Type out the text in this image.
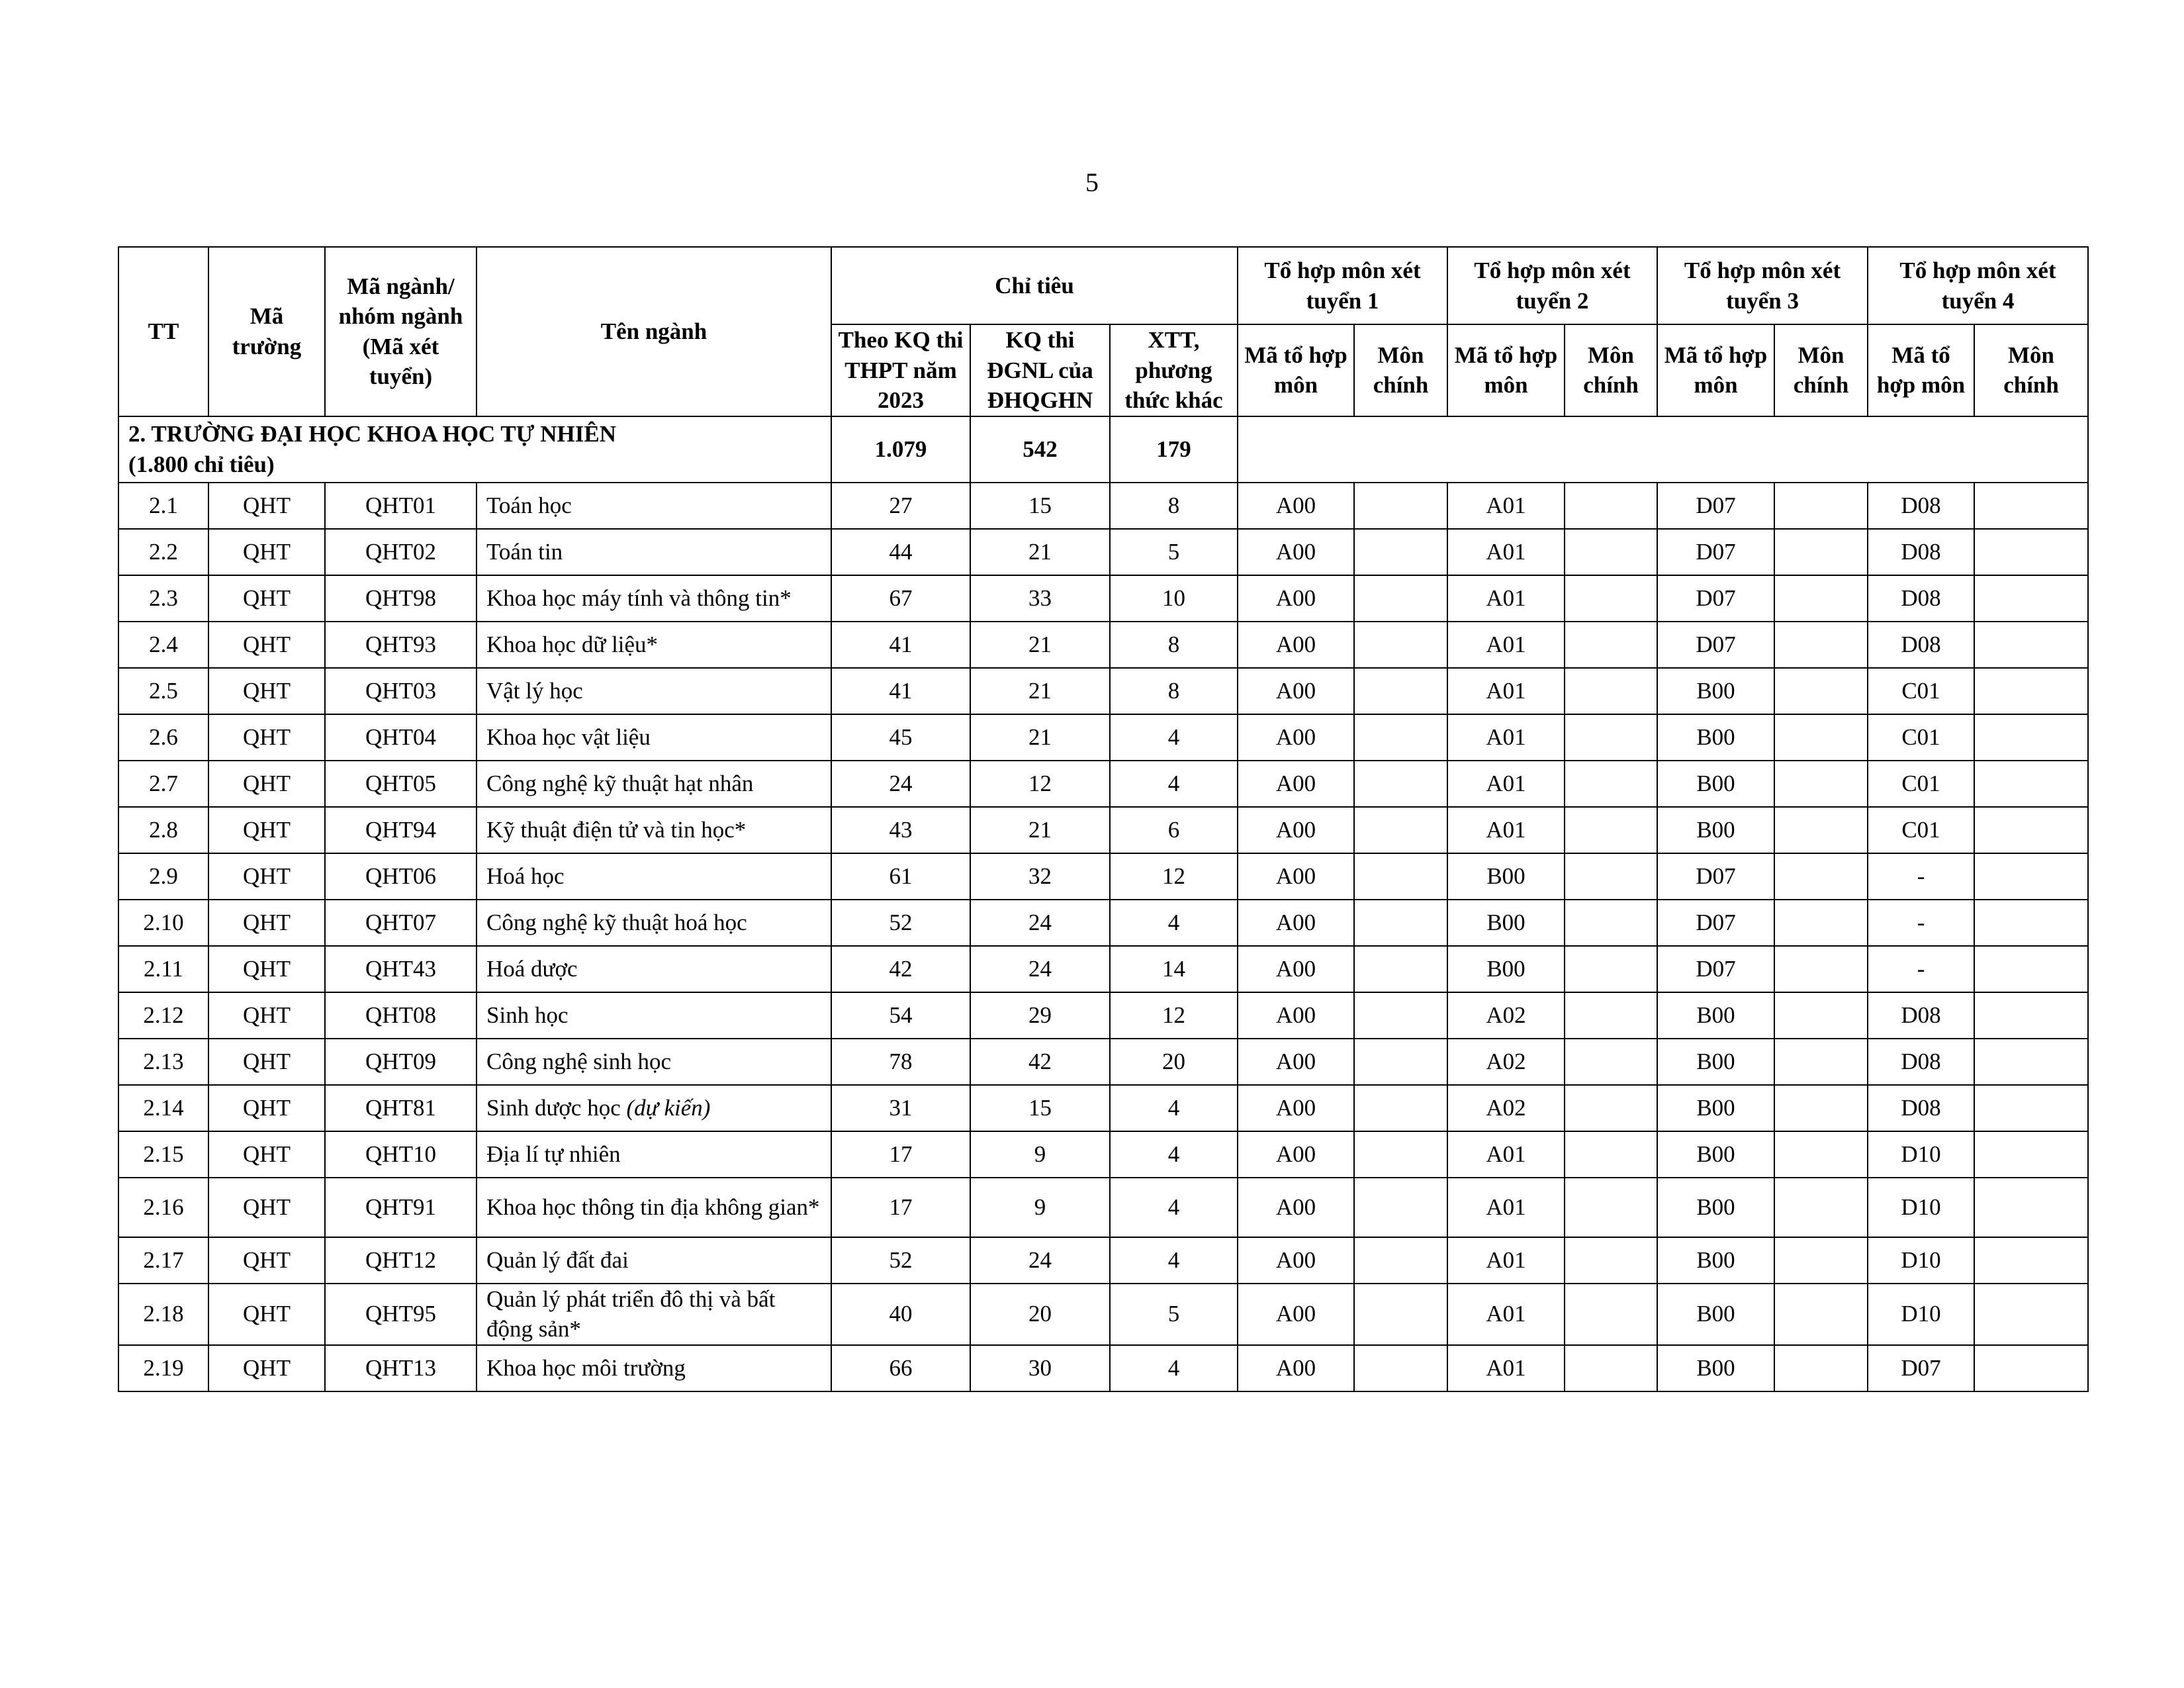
5
TT	Mã trường	Mã ngành/ nhóm ngành (Mã xét tuyển)	Tên ngành	Chỉ tiêu			Tổ hợp môn xét tuyển 1		Tổ hợp môn xét tuyển 2		Tổ hợp môn xét tuyển 3		Tổ hợp môn xét tuyển 4	
				Theo KQ thi THPT năm 2023	KQ thi ĐGNL của ĐHQGHN	XTT, phương thức khác	Mã tổ hợp môn	Môn chính	Mã tổ hợp môn	Môn chính	Mã tổ hợp môn	Môn chính	Mã tổ hợp môn	Môn chính

2. TRƯỜNG ĐẠI HỌC KHOA HỌC TỰ NHIÊN
(1.800 chỉ tiêu)				1.079	542	179								
2.1	QHT	QHT01	Toán học	27	15	8	A00		A01		D07		D08	
2.2	QHT	QHT02	Toán tin	44	21	5	A00		A01		D07		D08	
2.3	QHT	QHT98	Khoa học máy tính và thông tin*	67	33	10	A00		A01		D07		D08	
2.4	QHT	QHT93	Khoa học dữ liệu*	41	21	8	A00		A01		D07		D08	
2.5	QHT	QHT03	Vật lý học	41	21	8	A00		A01		B00		C01	
2.6	QHT	QHT04	Khoa học vật liệu	45	21	4	A00		A01		B00		C01	
2.7	QHT	QHT05	Công nghệ kỹ thuật hạt nhân	24	12	4	A00		A01		B00		C01	
2.8	QHT	QHT94	Kỹ thuật điện tử và tin học*	43	21	6	A00		A01		B00		C01	
2.9	QHT	QHT06	Hoá học	61	32	12	A00		B00		D07		-	
2.10	QHT	QHT07	Công nghệ kỹ thuật hoá học	52	24	4	A00		B00		D07		-	
2.11	QHT	QHT43	Hoá dược	42	24	14	A00		B00		D07		-	
2.12	QHT	QHT08	Sinh học	54	29	12	A00		A02		B00		D08	
2.13	QHT	QHT09	Công nghệ sinh học	78	42	20	A00		A02		B00		D08	
2.14	QHT	QHT81	Sinh dược học (dự kiến)	31	15	4	A00		A02		B00		D08	
2.15	QHT	QHT10	Địa lí tự nhiên	17	9	4	A00		A01		B00		D10	
2.16	QHT	QHT91	Khoa học thông tin địa không gian*	17	9	4	A00		A01		B00		D10	
2.17	QHT	QHT12	Quản lý đất đai	52	24	4	A00		A01		B00		D10	
2.18	QHT	QHT95	Quản lý phát triển đô thị và bất động sản*	40	20	5	A00		A01		B00		D10	
2.19	QHT	QHT13	Khoa học môi trường	66	30	4	A00		A01		B00		D07	
